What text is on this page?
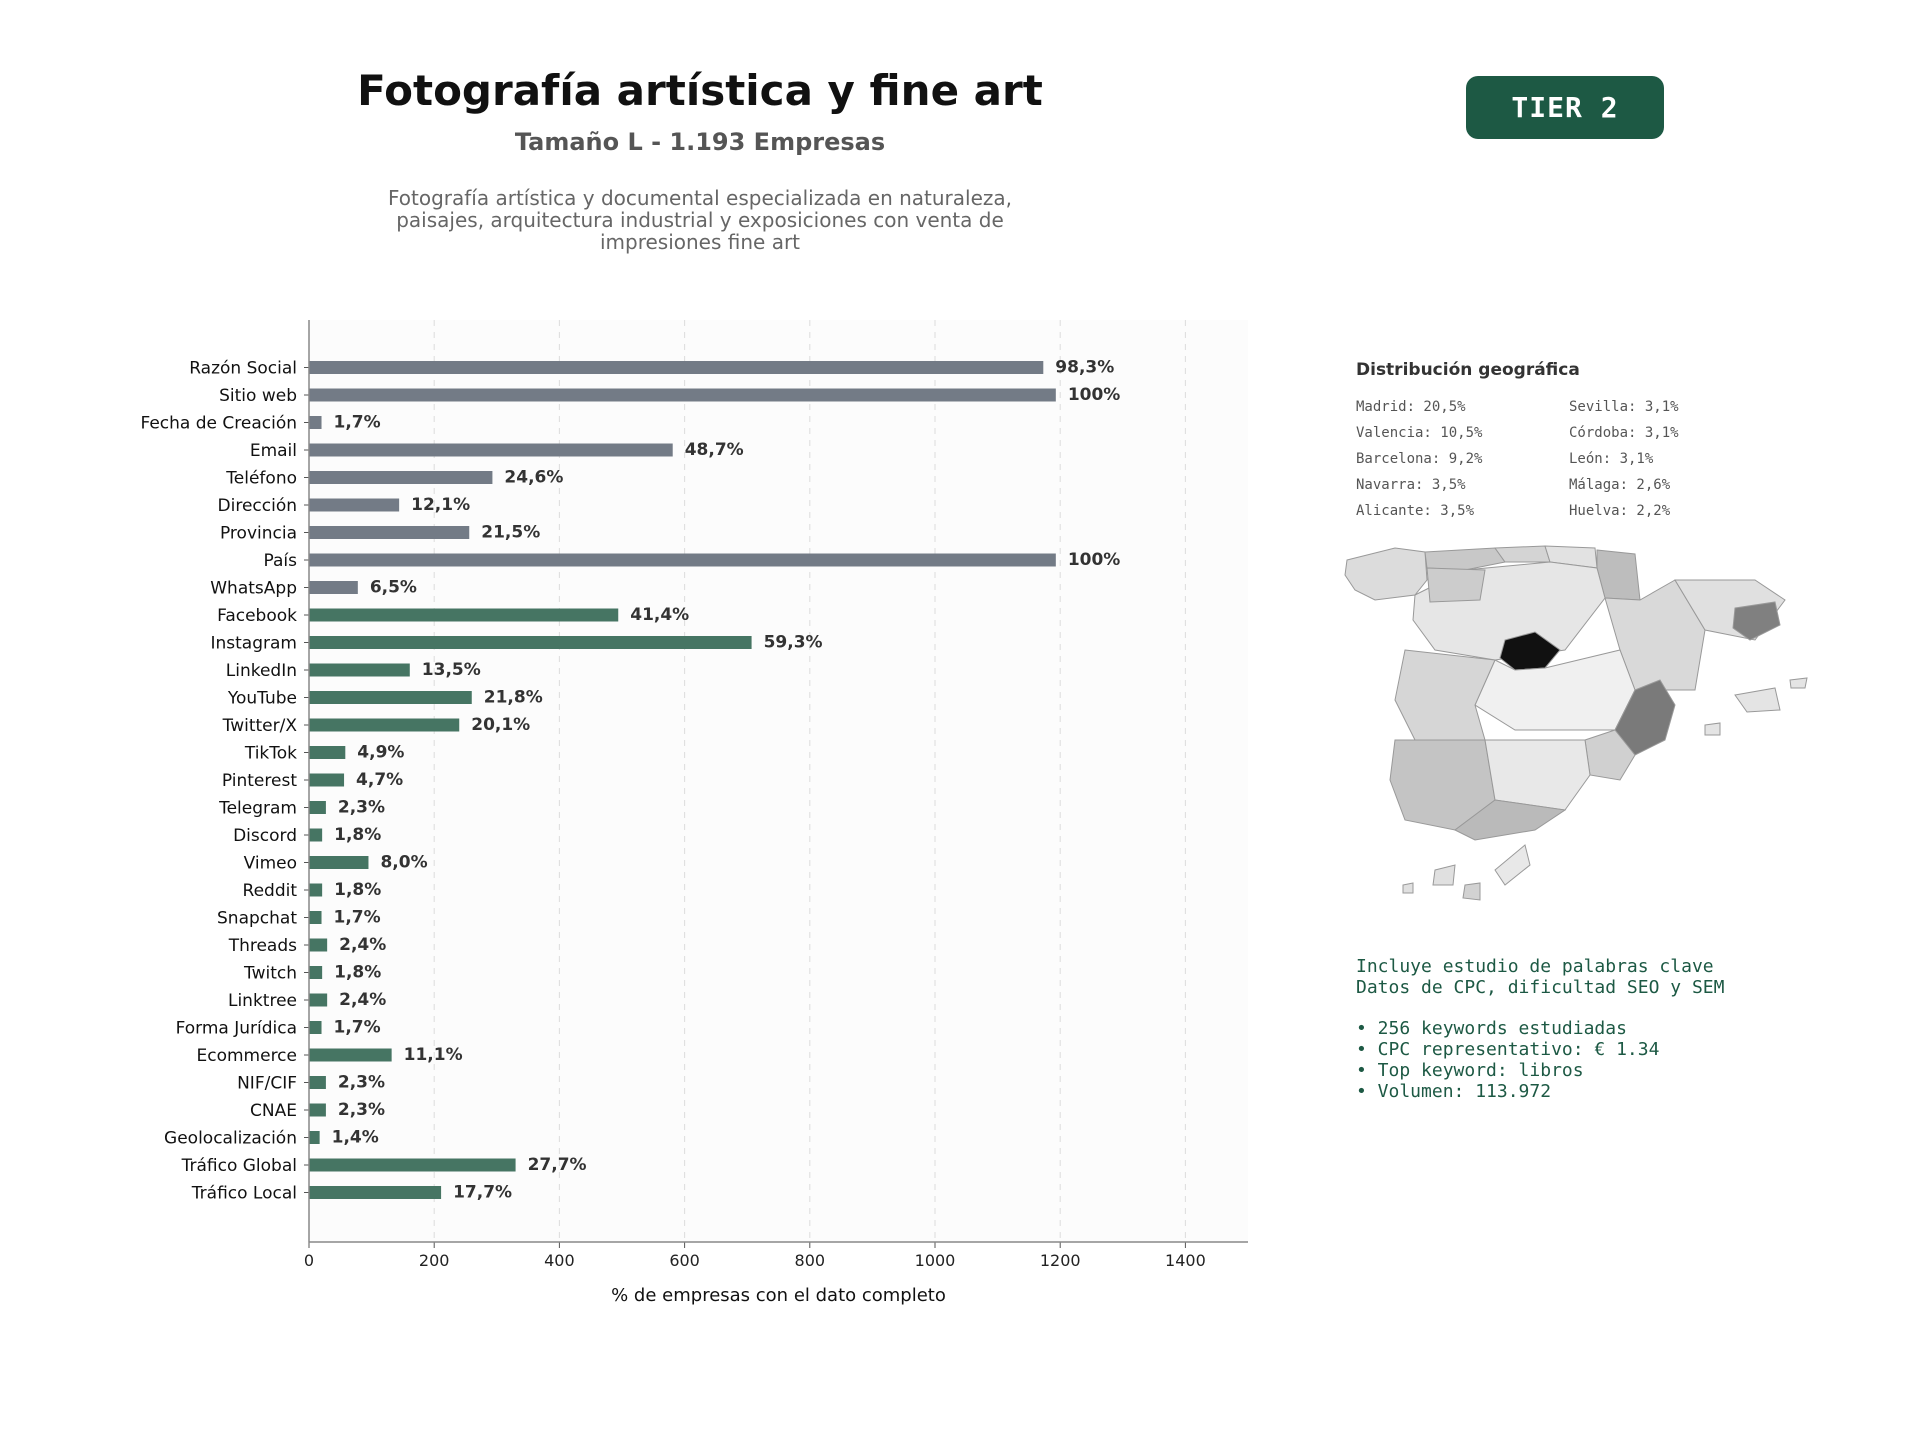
Fotografía artística y fine art
Tamaño L - 1.193 Empresas
Fotografía artística y documental especializada en naturaleza,
paisajes, arquitectura industrial y exposiciones con venta de
impresiones fine art
TIER 2
0	200	400	600	800	1000	1200	1400
Razón Social	98,3%
Sitio web	100%
Fecha de Creación 1,7%
Email	48,7%
Teléfono	24,6%
Dirección	12,1%
Provincia	21,5%
País	100%
WhatsApp	6,5%
Facebook	41,4%
Instagram	59,3%
LinkedIn	13,5%
YouTube	21,8%
Twitter/X	20,1%
TikTok	4,9%
Pinterest	4,7%
Telegram 2,3%
Discord 1,8%
Vimeo	8,0%
Reddit 1,8%
Snapchat 1,7%
Threads 2,4%
Twitch 1,8%
Linktree 2,4%
Forma Jurídica 1,7%
Ecommerce	11,1%
NIF/CIF 2,3%
CNAE 2,3%
Geolocalización 1,4%
Tráfico Global	27,7%
Tráfico Local	17,7%
% de empresas con el dato completo
Distribución geográfica
Madrid: 20,5%	Sevilla: 3,1%
Valencia: 10,5%	Córdoba: 3,1%
Barcelona: 9,2%	León: 3,1%
Navarra: 3,5%	Málaga: 2,6%
Alicante: 3,5%	Huelva: 2,2%
Incluye estudio de palabras clave
Datos de CPC, dificultad SEO y SEM
• 256 keywords estudiadas
• CPC representativo: € 1.34
• Top keyword: libros
• Volumen: 113.972
